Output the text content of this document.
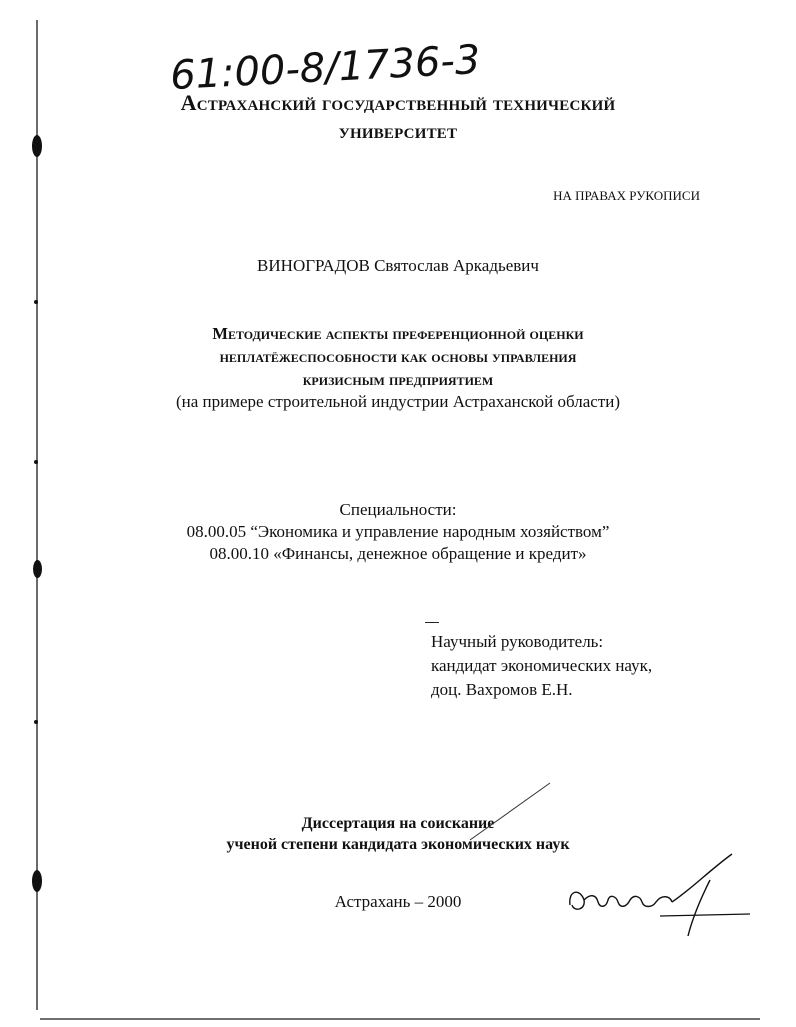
61:00-8/1736-3
Астраханский государственный технический
университет
НА ПРАВАХ РУКОПИСИ
ВИНОГРАДОВ Святослав Аркадьевич
Методические аспекты преференционной оценки
неплатёжеспособности как основы управления
кризисным предприятием
(на примере строительной индустрии Астраханской области)
Специальности:
08.00.05 “Экономика и управление народным хозяйством”
08.00.10 «Финансы, денежное обращение и кредит»
Научный руководитель:
кандидат экономических наук,
доц. Вахромов Е.Н.
Диссертация на соискание
ученой степени кандидата экономических наук
Астрахань – 2000
